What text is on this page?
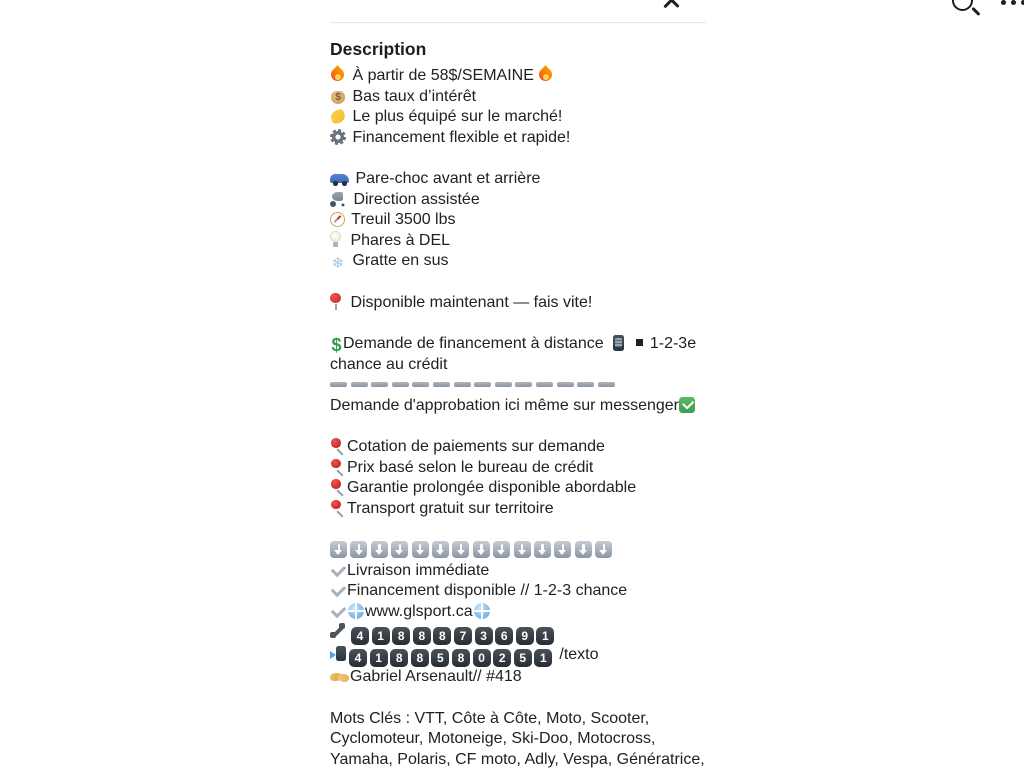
Description
À partir de 58$/SEMAINE
$ Bas taux d’intérêt
Le plus équipé sur le marché!
Financement flexible et rapide!
Pare-choc avant et arrière
Direction assistée
Treuil 3500 lbs
Phares à DEL
❄ Gratte en sus
Disponible maintenant — fais vite!
$Demande de financement à distance     1-2-3e
chance au crédit
Demande d'approbation ici même sur messenger
Cotation de paiements sur demande
Prix basé selon le bureau de crédit
Garantie prolongée disponible abordable
Transport gratuit sur territoire
Livraison immédiate
Financement disponible // 1-2-3 chance
www.glsport.ca
4 1 8 8 8 7 3 6 9 1
4 1 8 8 5 8 0 2 5 1 /texto
Gabriel Arsenault// #418
Mots Clés : VTT, Côte à Côte, Moto, Scooter,
Cyclomoteur, Motoneige, Ski-Doo, Motocross,
Yamaha, Polaris, CF moto, Adly, Vespa, Génératrice,
